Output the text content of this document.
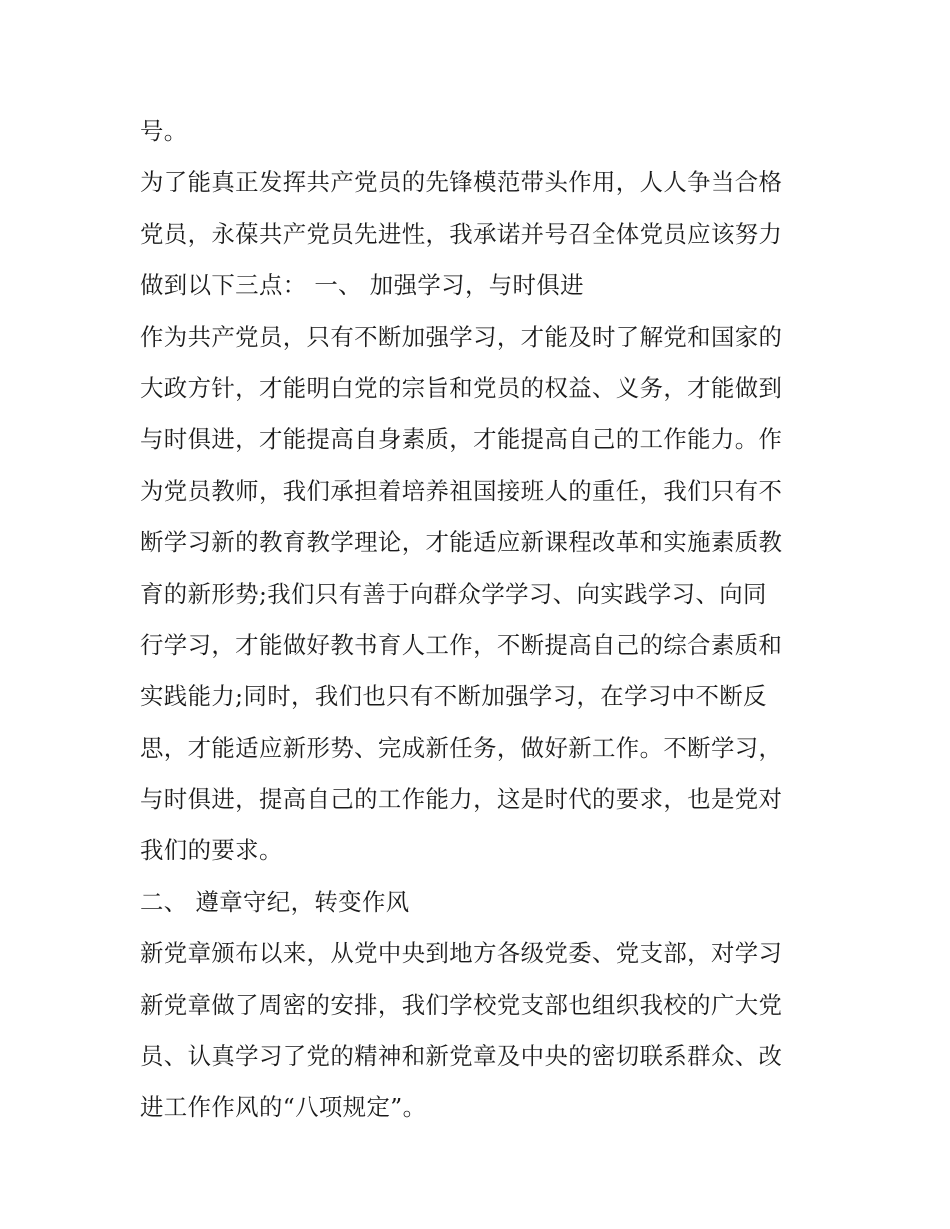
号。
为了能真正发挥共产党员的先锋模范带头作用，人人争当合格
党员，永葆共产党员先进性，我承诺并号召全体党员应该努力
做到以下三点： 一、 加强学习，与时俱进
作为共产党员，只有不断加强学习，才能及时了解党和国家的
大政方针，才能明白党的宗旨和党员的权益、义务，才能做到
与时俱进，才能提高自身素质，才能提高自己的工作能力。作
为党员教师，我们承担着培养祖国接班人的重任，我们只有不
断学习新的教育教学理论，才能适应新课程改革和实施素质教
育的新形势;我们只有善于向群众学学习、向实践学习、向同
行学习，才能做好教书育人工作，不断提高自己的综合素质和
实践能力;同时，我们也只有不断加强学习，在学习中不断反
思，才能适应新形势、完成新任务，做好新工作。不断学习，
与时俱进，提高自己的工作能力，这是时代的要求，也是党对
我们的要求。
二、 遵章守纪，转变作风
新党章颁布以来，从党中央到地方各级党委、党支部，对学习
新党章做了周密的安排，我们学校党支部也组织我校的广大党
员、认真学习了党的精神和新党章及中央的密切联系群众、改
进工作作风的“八项规定”。
